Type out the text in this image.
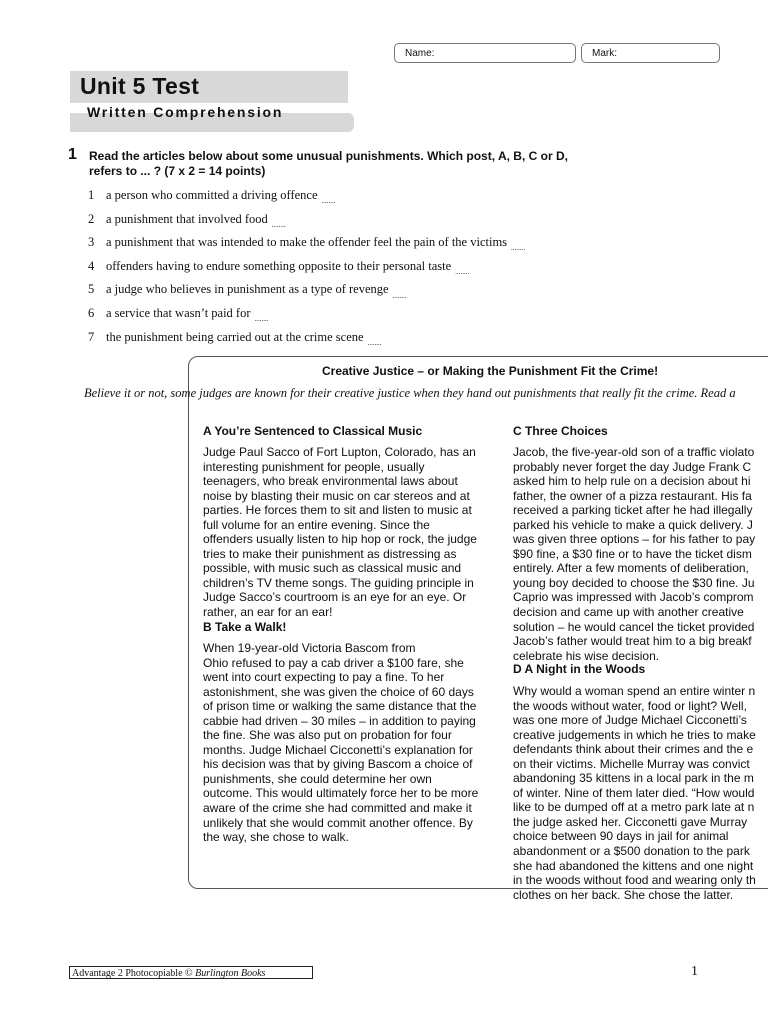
Name:	Mark:
Unit 5 Test
Written Comprehension
1 Read the articles below about some unusual punishments. Which post, A, B, C or D,
refers to ... ? (7 x 2 = 14 points)
1 a person who committed a driving offence ........
2 a punishment that involved food ........
3 a punishment that was intended to make the offender feel the pain of the victims ........
4 offenders having to endure something opposite to their personal taste ........
5 a judge who believes in punishment as a type of revenge ........
6 a service that wasn’t paid for ........
7 the punishment being carried out at the crime scene ........
Creative Justice – or Making the Punishment Fit the Crime!
Believe it or not, some judges are known for their creative justice when they hand out punishments that really fit the crime. Read a
A You’re Sentenced to Classical Music
Judge Paul Sacco of Fort Lupton, Colorado, has an
interesting punishment for people, usually
teenagers, who break environmental laws about
noise by blasting their music on car stereos and at
parties. He forces them to sit and listen to music at
full volume for an entire evening. Since the
offenders usually listen to hip hop or rock, the judge
tries to make their punishment as distressing as
possible, with music such as classical music and
children’s TV theme songs. The guiding principle in
Judge Sacco’s courtroom is an eye for an eye. Or
rather, an ear for an ear!
B Take a Walk!
When 19-year-old Victoria Bascom from
Ohio refused to pay a cab driver a $100 fare, she
went into court expecting to pay a fine. To her
astonishment, she was given the choice of 60 days
of prison time or walking the same distance that the
cabbie had driven – 30 miles – in addition to paying
the fine. She was also put on probation for four
months. Judge Michael Cicconetti’s explanation for
his decision was that by giving Bascom a choice of
punishments, she could determine her own
outcome. This would ultimately force her to be more
aware of the crime she had committed and make it
unlikely that she would commit another offence. By
the way, she chose to walk.
C Three Choices
Jacob, the five-year-old son of a traffic violato
probably never forget the day Judge Frank C
asked him to help rule on a decision about hi
father, the owner of a pizza restaurant. His fa
received a parking ticket after he had illegally
parked his vehicle to make a quick delivery. J
was given three options – for his father to pay
$90 fine, a $30 fine or to have the ticket dism
entirely. After a few moments of deliberation,
young boy decided to choose the $30 fine. Ju
Caprio was impressed with Jacob’s comprom
decision and came up with another creative
solution – he would cancel the ticket provided
Jacob’s father would treat him to a big breakf
celebrate his wise decision.
D A Night in the Woods
Why would a woman spend an entire winter n
the woods without water, food or light? Well,
was one more of Judge Michael Cicconetti’s
creative judgements in which he tries to make
defendants think about their crimes and the e
on their victims. Michelle Murray was convict
abandoning 35 kittens in a local park in the m
of winter. Nine of them later died. “How would
like to be dumped off at a metro park late at n
the judge asked her. Cicconetti gave Murray
choice between 90 days in jail for animal
abandonment or a $500 donation to the park
she had abandoned the kittens and one night
in the woods without food and wearing only th
clothes on her back. She chose the latter.
Advantage 2 Photocopiable © Burlington Books	1
